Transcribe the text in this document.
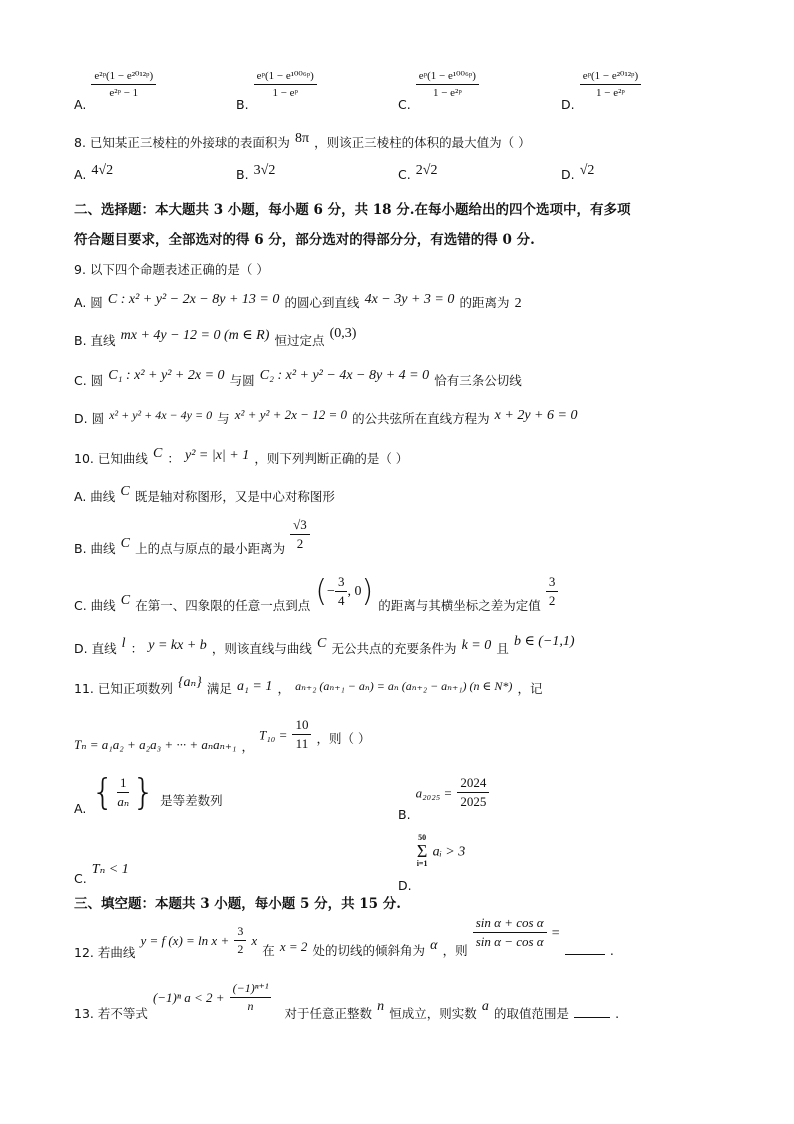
$_{A.}$
$\frac{\text{e²ᵖ(1 − e²⁰¹²ᵖ)}}{\text{e²ᵖ − 1}}$
$_{B.}$
$\frac{\text{eᵖ(1 − e¹⁰⁰⁶ᵖ)}}{\text{1 − eᵖ}}$
$_{C.}$
$\frac{\text{eᵖ(1 − e¹⁰⁰⁶ᵖ)}}{\text{1 − e²ᵖ}}$
$_{D.}$
$\frac{\text{eᵖ(1 − e²⁰¹²ᵖ)}}{\text{1 − e²ᵖ}}$
8. 已知某正三棱柱的外接球的表面积为 8π ，则该正三棱柱的体积的最大值为（ ）
A. 4√2	B. 3√2	C. 2√2	D. √2
二、选择题：本大题共 3 小题，每小题 6 分，共 18 分.在每小题给出的四个选项中，有多项
符合题目要求，全部选对的得 6 分，部分选对的得部分分，有选错的得 0 分.
9. 以下四个命题表述正确的是（ ）
A. 圆 C : x² + y² − 2x − 8y + 13 = 0 的圆心到直线 4x − 3y + 3 = 0 的距离为 2
B. 直线 mx + 4y − 12 = 0 (m ∈ R) 恒过定点 (0,3)
C. 圆 C₁ : x² + y² + 2x = 0 与圆 C₂ : x² + y² − 4x − 8y + 4 = 0 恰有三条公切线
D. 圆 $^{x^2 + y^2 + 4x - 4y = 0}$ 与 $^{x^2 + y^2 + 2x - 12 = 0}$ 的公共弦所在直线方程为 x + 2y + 6 = 0
10. 已知曲线 C ： y² = |x| + 1 ，则下列判断正确的是（ ）
A. 曲线 C 既是轴对称图形，又是中心对称图形
$_{B. 曲线}$ C $_{上的点与原点的最小距离为} \frac{√3}{2}$
$_{C. 曲线}$ C $_{在第一、四象限的任意一点到点}$ ( − $\frac{3}{4}$ , 0 ) $_{的距离与其横坐标之差为定值} \frac{3}{2}$
D. 直线 l ： y = kx + b ，则该直线与曲线 C 无公共点的充要条件为 k = 0 且 b ∈ (−1,1)
11. 已知正项数列 {aₙ} 满足 a₁ = 1 ， aₙ₊₂ (aₙ₊₁ − aₙ) = aₙ (aₙ₊₂ − aₙ₊₁) (n ∈ N*) ，记
$_{T_n = a_1a_2 + a_2a_3 + \cdot\cdot\cdot + a_na_{n+1}}$ $_,$ $T_{10} = \frac{10}{11} _{,则( )}$
$_{A.}$ { $\frac{1}{\text{aₙ}}$ } $_{是等差数列}$
$_{B.}$ $a_{2025} = \frac{2024}{2025}$
$_{C.}$ Tₙ < 1
$_{D.}$
50
Σ
i=1
aᵢ > 3
三、填空题：本题共 3 小题，每小题 5 分，共 15 分.
$_{12. 若曲线}$ y = f $(x) = \ln x + \frac{3}{2}$ x $_在$ $_{x = 2}$ $_{处的切线的倾斜角为}$ α $_{,则}$
$\frac{\text{sin α + cos α}}{\text{sin α − cos α}} = _.$
$_{13. 若不等式}$ (−1)ⁿ $a < 2 + \frac{\text{(−1)ⁿ⁺¹}}{n}$
$_{对于任意正整数}$ n $_{恒成立,则实数}$ a $_{的取值范围是}$	$_.$
